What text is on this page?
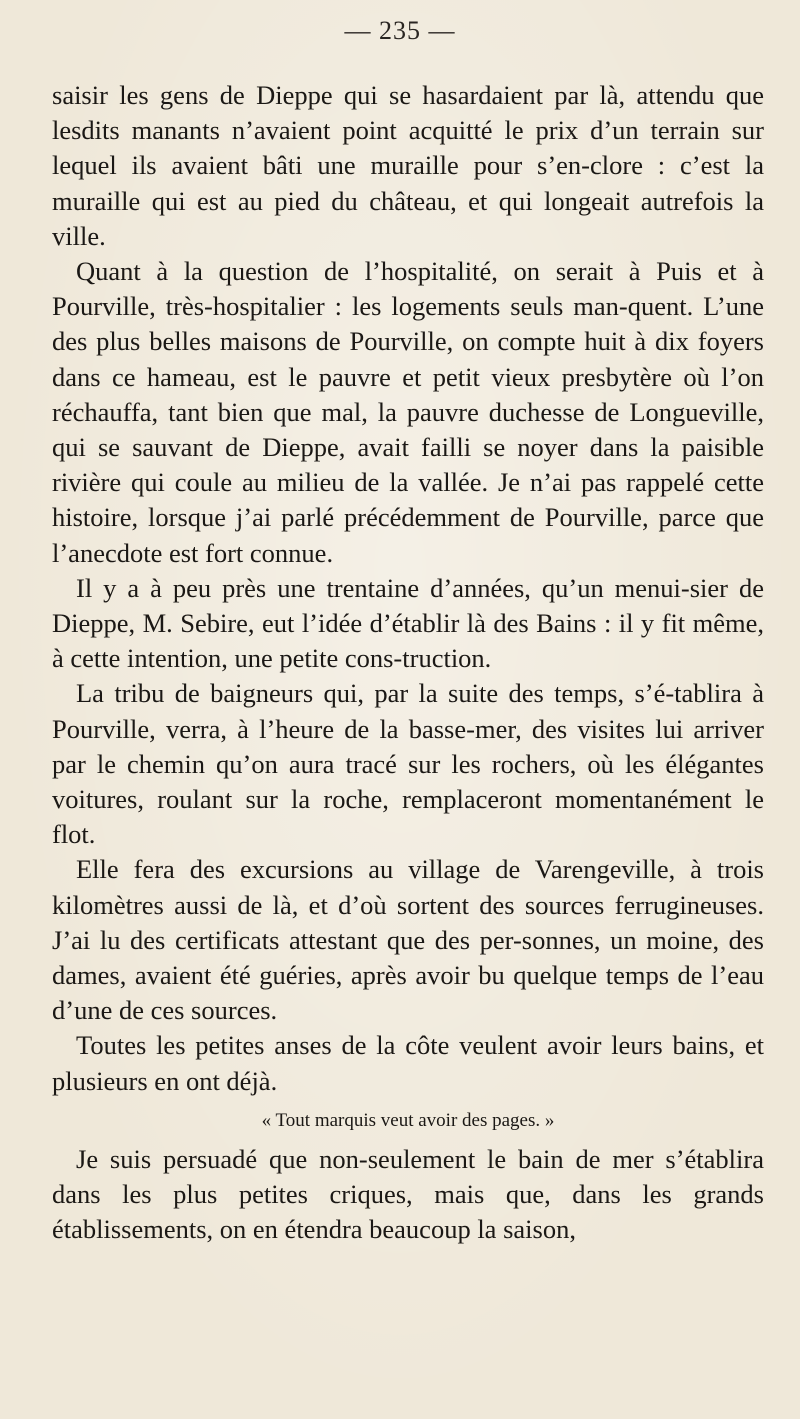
— 235 —

saisir les gens de Dieppe qui se hasardaient par là, attendu que lesdits manants n’avaient point acquitté le prix d’un terrain sur lequel ils avaient bâti une muraille pour s’en-clore : c’est la muraille qui est au pied du château, et qui longeait autrefois la ville.

Quant à la question de l’hospitalité, on serait à Puis et à Pourville, très-hospitalier : les logements seuls man-quent. L’une des plus belles maisons de Pourville, on compte huit à dix foyers dans ce hameau, est le pauvre et petit vieux presbytère où l’on réchauffa, tant bien que mal, la pauvre duchesse de Longueville, qui se sauvant de Dieppe, avait failli se noyer dans la paisible rivière qui coule au milieu de la vallée. Je n’ai pas rappelé cette histoire, lorsque j’ai parlé précédemment de Pourville, parce que l’anecdote est fort connue.

Il y a à peu près une trentaine d’années, qu’un menui-sier de Dieppe, M. Sebire, eut l’idée d’établir là des Bains : il y fit même, à cette intention, une petite cons-truction.

La tribu de baigneurs qui, par la suite des temps, s’é-tablira à Pourville, verra, à l’heure de la basse-mer, des visites lui arriver par le chemin qu’on aura tracé sur les rochers, où les élégantes voitures, roulant sur la roche, remplaceront momentanément le flot.

Elle fera des excursions au village de Varengeville, à trois kilomètres aussi de là, et d’où sortent des sources ferrugineuses. J’ai lu des certificats attestant que des per-sonnes, un moine, des dames, avaient été guéries, après avoir bu quelque temps de l’eau d’une de ces sources.

Toutes les petites anses de la côte veulent avoir leurs bains, et plusieurs en ont déjà.

« Tout marquis veut avoir des pages. »

Je suis persuadé que non-seulement le bain de mer s’établira dans les plus petites criques, mais que, dans les grands établissements, on en étendra beaucoup la saison,
